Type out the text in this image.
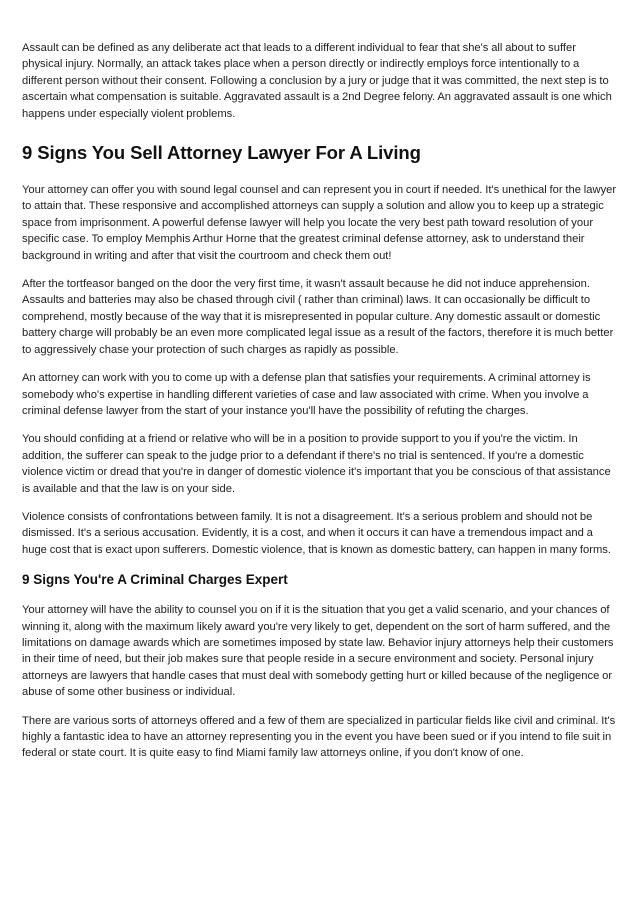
Assault can be defined as any deliberate act that leads to a different individual to fear that she's all about to suffer physical injury. Normally, an attack takes place when a person directly or indirectly employs force intentionally to a different person without their consent. Following a conclusion by a jury or judge that it was committed, the next step is to ascertain what compensation is suitable. Aggravated assault is a 2nd Degree felony. An aggravated assault is one which happens under especially violent problems.

9 Signs You Sell Attorney Lawyer For A Living

Your attorney can offer you with sound legal counsel and can represent you in court if needed. It's unethical for the lawyer to attain that. These responsive and accomplished attorneys can supply a solution and allow you to keep up a strategic space from imprisonment. A powerful defense lawyer will help you locate the very best path toward resolution of your specific case. To employ Memphis Arthur Horne that the greatest criminal defense attorney, ask to understand their background in writing and after that visit the courtroom and check them out!

After the tortfeasor banged on the door the very first time, it wasn't assault because he did not induce apprehension. Assaults and batteries may also be chased through civil ( rather than criminal) laws. It can occasionally be difficult to comprehend, mostly because of the way that it is misrepresented in popular culture. Any domestic assault or domestic battery charge will probably be an even more complicated legal issue as a result of the factors, therefore it is much better to aggressively chase your protection of such charges as rapidly as possible.

An attorney can work with you to come up with a defense plan that satisfies your requirements. A criminal attorney is somebody who's expertise in handling different varieties of case and law associated with crime. When you involve a criminal defense lawyer from the start of your instance you'll have the possibility of refuting the charges.

You should confiding at a friend or relative who will be in a position to provide support to you if you're the victim. In addition, the sufferer can speak to the judge prior to a defendant if there's no trial is sentenced. If you're a domestic violence victim or dread that you're in danger of domestic violence it's important that you be conscious of that assistance is available and that the law is on your side.

Violence consists of confrontations between family. It is not a disagreement. It's a serious problem and should not be dismissed. It's a serious accusation. Evidently, it is a cost, and when it occurs it can have a tremendous impact and a huge cost that is exact upon sufferers. Domestic violence, that is known as domestic battery, can happen in many forms.

9 Signs You're A Criminal Charges Expert

Your attorney will have the ability to counsel you on if it is the situation that you get a valid scenario, and your chances of winning it, along with the maximum likely award you're very likely to get, dependent on the sort of harm suffered, and the limitations on damage awards which are sometimes imposed by state law. Behavior injury attorneys help their customers in their time of need, but their job makes sure that people reside in a secure environment and society. Personal injury attorneys are lawyers that handle cases that must deal with somebody getting hurt or killed because of the negligence or abuse of some other business or individual.

There are various sorts of attorneys offered and a few of them are specialized in particular fields like civil and criminal. It's highly a fantastic idea to have an attorney representing you in the event you have been sued or if you intend to file suit in federal or state court. It is quite easy to find Miami family law attorneys online, if you don't know of one.
